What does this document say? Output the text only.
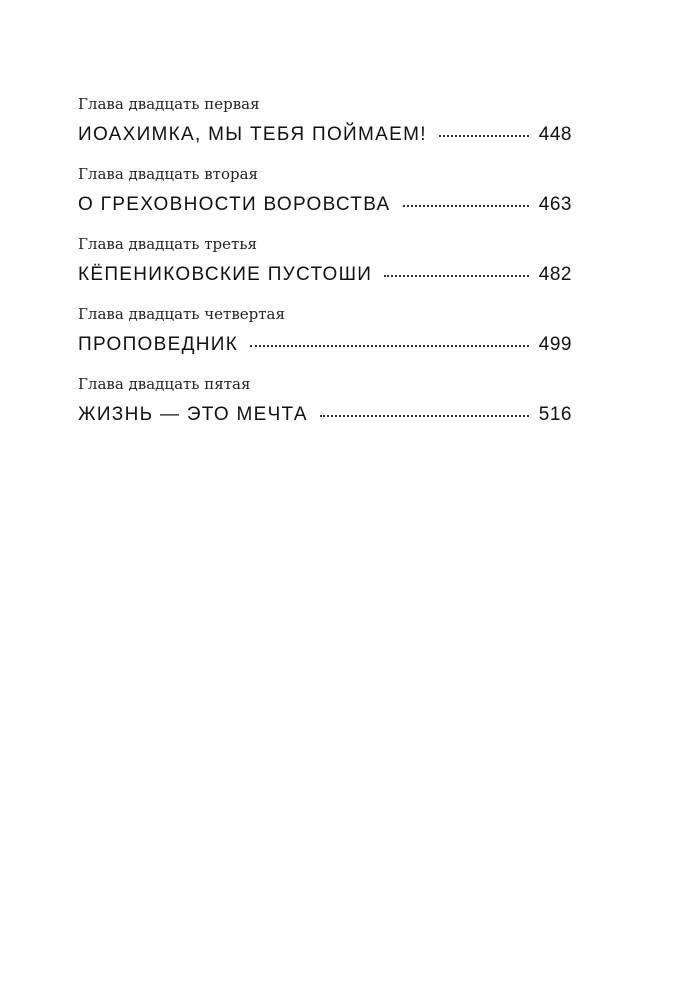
Глава двадцать первая
ИОАХИМКА, МЫ ТЕБЯ ПОЙМАЕМ!	448
Глава двадцать вторая
О ГРЕХОВНОСТИ ВОРОВСТВА	463
Глава двадцать третья
КЁПЕНИКОВСКИЕ ПУСТОШИ	482
Глава двадцать четвертая
ПРОПОВЕДНИК	499
Глава двадцать пятая
ЖИЗНЬ — ЭТО МЕЧТА	516
